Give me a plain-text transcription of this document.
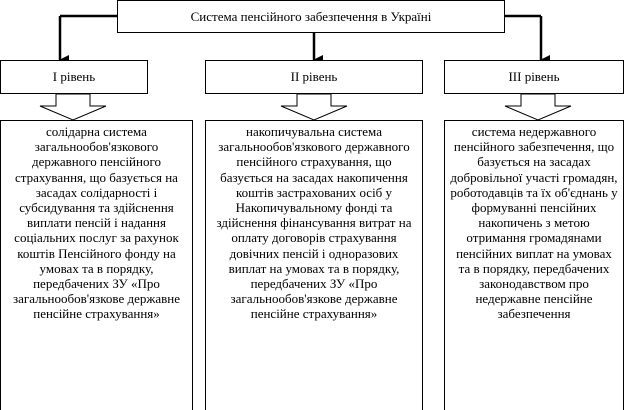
Система пенсійного забезпечення в Україні
І рівень	ІІ рівень	ІІІ рівень
солідарна система загальнообов'язкового державного пенсійного страхування, що базується на засадах солідарності і субсидування та здійснення виплати пенсій і надання соціальних послуг за рахунок коштів Пенсійного фонду на умовах та в порядку, передбачених ЗУ «Про загальнообов'язкове державне пенсійне страхування»
накопичувальна система загальнообов'язкового державного пенсійного страхування, що базується на засадах накопичення коштів застрахованих осіб у Накопичувальному фонді та здійснення фінансування витрат на оплату договорів страхування довічних пенсій і одноразових виплат на умовах та в порядку, передбачених ЗУ «Про загальнообов'язкове державне пенсійне страхування»
система недержавного пенсійного забезпечення, що базується на засадах добровільної участі громадян, роботодавців та їх об'єднань у формуванні пенсійних накопичень з метою отримання громадянами пенсійних виплат на умовах та в порядку, передбачених законодавством про недержавне пенсійне забезпечення
